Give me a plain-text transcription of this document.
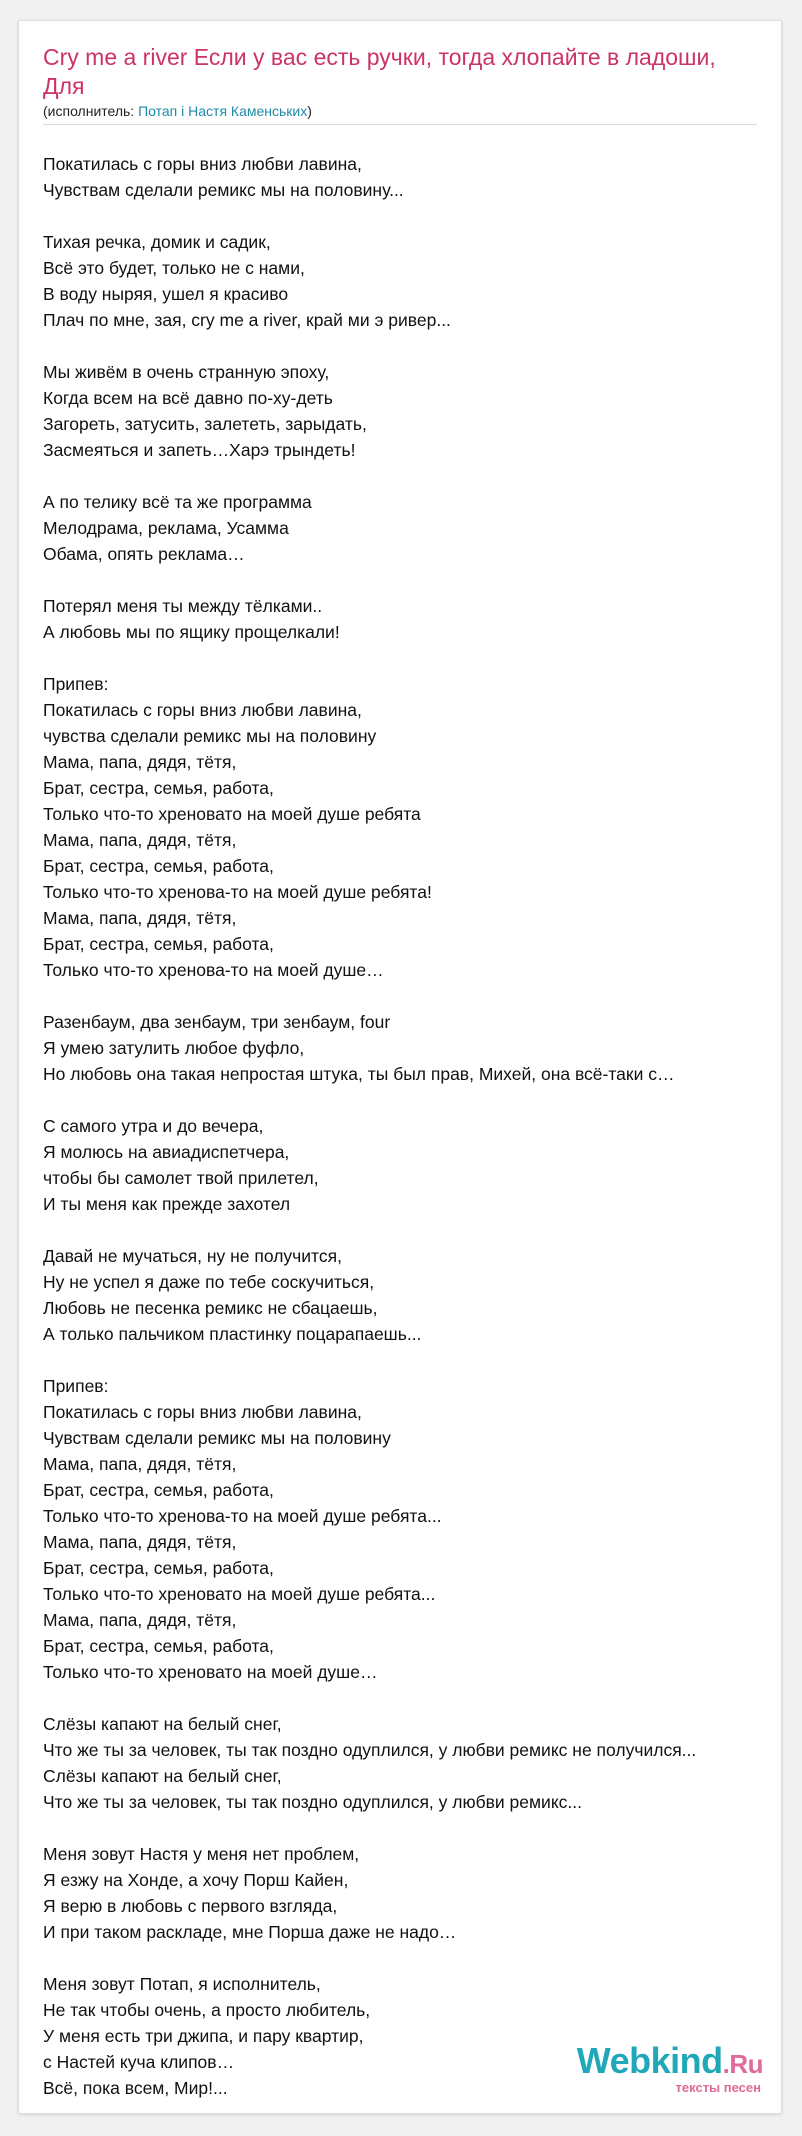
Cry me a river Если у вас есть ручки, тогда хлопайте в ладоши, Для
(исполнитель: Потап і Настя Каменських)
Покатилась с горы вниз любви лавина,
Чувствам сделали ремикс мы на половину...
Тихая речка, домик и садик,
Всё это будет, только не с нами,
В воду ныряя, ушел я красиво
Плач по мне, зая, cry me a river, край ми э ривер...
Мы живём в очень странную эпоху,
Когда всем на всё давно по-ху-деть
Загореть, затусить, залететь, зарыдать,
Засмеяться и запеть…Харэ трындеть!
А по телику всё та же программа
Мелодрама, реклама, Усамма
Обама, опять реклама…
Потерял меня ты между тёлками..
А любовь мы по ящику прощелкали!
Припев:
Покатилась с горы вниз любви лавина,
чувства сделали ремикс мы на половину
Мама, папа, дядя, тётя,
Брат, сестра, семья, работа,
Только что-то хреновато на моей душе ребята
Мама, папа, дядя, тётя,
Брат, сестра, семья, работа,
Только что-то хренова-то на моей душе ребята!
Мама, папа, дядя, тётя,
Брат, сестра, семья, работа,
Только что-то хренова-то на моей душе…
Разенбаум, два зенбаум, три зенбаум, four
Я умею затулить любое фуфло,
Но любовь она такая непростая штука, ты был прав, Михей, она всё-таки с…
С самого утра и до вечера,
Я молюсь на авиадиспетчера,
чтобы бы самолет твой прилетел,
И ты меня как прежде захотел
Давай не мучаться, ну не получится,
Ну не успел я даже по тебе соскучиться,
Любовь не песенка ремикс не сбацаешь,
А только пальчиком пластинку поцарапаешь...
Припев:
Покатилась с горы вниз любви лавина,
Чувствам сделали ремикс мы на половину
Мама, папа, дядя, тётя,
Брат, сестра, семья, работа,
Только что-то хренова-то на моей душе ребята...
Мама, папа, дядя, тётя,
Брат, сестра, семья, работа,
Только что-то хреновато на моей душе ребята...
Мама, папа, дядя, тётя,
Брат, сестра, семья, работа,
Только что-то хреновато на моей душе…
Слёзы капают на белый снег,
Что же ты за человек, ты так поздно одуплился, у любви ремикс не получился...
Слёзы капают на белый снег,
Что же ты за человек, ты так поздно одуплился, у любви ремикс...
Меня зовут Настя у меня нет проблем,
Я езжу на Хонде, а хочу Порш Кайен,
Я верю в любовь с первого взгляда,
И при таком раскладе, мне Порша даже не надо…
Меня зовут Потап, я исполнитель,
Не так чтобы очень, а просто любитель,
У меня есть три джипа, и пару квартир,
с Настей куча клипов…
Всё, пока всем, Мир!...
Webkind.Ru
тексты песен
